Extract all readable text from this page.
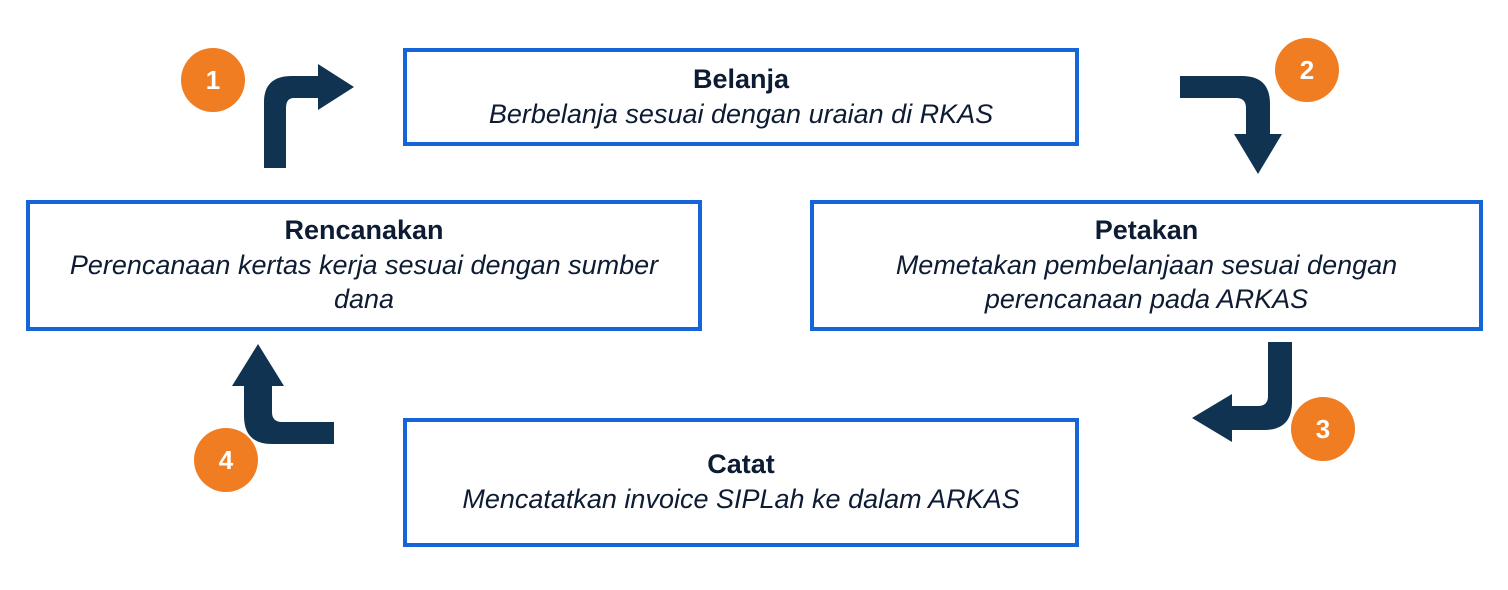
Belanja
Berbelanja sesuai dengan uraian di RKAS
Petakan
Memetakan pembelanjaan sesuai dengan perencanaan pada ARKAS
Catat
Mencatatkan invoice SIPLah ke dalam ARKAS
Rencanakan
Perencanaan kertas kerja sesuai dengan sumber dana
1	2
3
4
